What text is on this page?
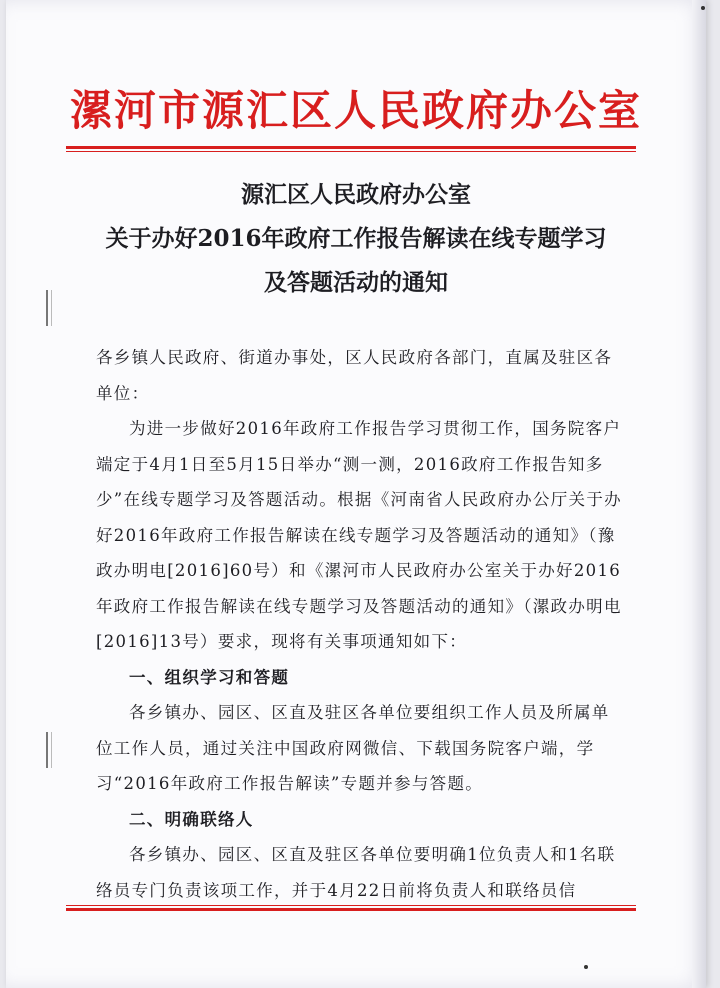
漯河市源汇区人民政府办公室
源汇区人民政府办公室
关于办好2016年政府工作报告解读在线专题学习
及答题活动的通知

各乡镇人民政府、街道办事处，区人民政府各部门，直属及驻区各单位：

为进一步做好2016年政府工作报告学习贯彻工作，国务院客户端定于4月1日至5月15日举办“测一测，2016政府工作报告知多少”在线专题学习及答题活动。根据《河南省人民政府办公厅关于办好2016年政府工作报告解读在线专题学习及答题活动的通知》（豫政办明电[2016]60号）和《漯河市人民政府办公室关于办好2016年政府工作报告解读在线专题学习及答题活动的通知》（漯政办明电[2016]13号）要求，现将有关事项通知如下：

一、组织学习和答题

各乡镇办、园区、区直及驻区各单位要组织工作人员及所属单位工作人员，通过关注中国政府网微信、下载国务院客户端，学习“2016年政府工作报告解读”专题并参与答题。

二、明确联络人

各乡镇办、园区、区直及驻区各单位要明确1位负责人和1名联络员专门负责该项工作，并于4月22日前将负责人和联络员信
